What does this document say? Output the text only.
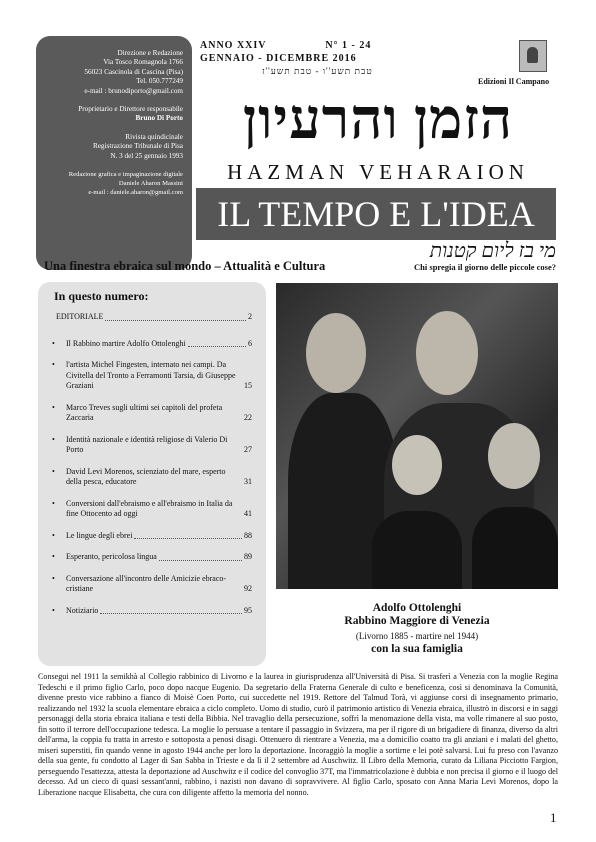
Direzione e Redazione
Via Tosco Romagnola 1766
56023 Cascinola di Cascina (Pisa)
Tel. 050.777249
e-mail : brunodiporto@gmail.com
Proprietario e Direttore responsabile
Bruno Di Porto
Rivista quindicinale
Registrazione Tribunale di Pisa
N. 3 del 25 gennaio 1993
Redazione grafica e impaginazione digitale
Daniele Aharon Massini
e-mail : daniele.aharon@gmail.com
ANNO XXIV	N° 1 - 24
GENNAIO - DICEMBRE 2016
טבת תשע''ו - טבת תשע''ז
Edizioni Il Campano
הזמן והרעיון
HAZMAN VEHARAION
IL TEMPO E L'IDEA
מי בז ליום קטנות
Chi spregia il giorno delle piccole cose?
Una finestra ebraica sul mondo – Attualità e Cultura
In questo numero:
EDITORIALE	2
• Il Rabbino martire Adolfo Ottolenghi	6
• l'artista Michel Fingesten, internato nei campi. Da Civitella del Tronto a Ferramonti Tarsia, di Giuseppe Graziani	15
• Marco Treves sugli ultimi sei capitoli del profeta Zaccaria	22
• Identità nazionale e identità religiose di Valerio Di Porto	27
• David Levi Morenos, scienziato del mare, esperto della pesca, educatore	31
• Conversioni dall'ebraismo e all'ebraismo in Italia da fine Ottocento ad oggi	41
• Le lingue degli ebrei	88
• Esperanto, pericolosa lingua	89
• Conversazione all'incontro delle Amicizie ebraco-cristiane	92
• Notiziario	95	Adolfo Ottolenghi
Rabbino Maggiore di Venezia
(Livorno 1885 - martire nel 1944)
con la sua famiglia
Consegui nel 1911 la semikhà al Collegio rabbinico di Livorno e la laurea in giurisprudenza all'Università di Pisa. Si trasferì a Venezia con la moglie Regina Tedeschi e il primo figlio Carlo, poco dopo nacque Eugenio. Da segretario della Fraterna Generale di culto e beneficenza, così si denominava la Comunità, divenne presto vice rabbino a fianco di Moisè Coen Porto, cui succedette nel 1919. Rettore del Talmud Torà, vi aggiunse corsi di insegnamento primario, realizzando nel 1932 la scuola elementare ebraica a ciclo completo. Uomo di studio, curò il patrimonio artistico di Venezia ebraica, illustrò in discorsi e in saggi personaggi della storia ebraica italiana e testi della Bibbia. Nel travaglio della persecuzione, soffrì la menomazione della vista, ma volle rimanere al suo posto, fin sotto il terrore dell'occupazione tedesca. La moglie lo persuase a tentare il passaggio in Svizzera, ma per il rigore di un brigadiere di finanza, diverso da altri dell'arma, la coppia fu tratta in arresto e sottoposta a penosi disagi. Ottenuero di rientrare a Venezia, ma a domicilio coatto tra gli anziani e i malati del ghetto, miseri superstiti, fin quando venne in agosto 1944 anche per loro la deportazione. Incoraggiò la moglie a sortirne e lei potè salvarsi. Lui fu preso con l'avanzo della sua gente, fu condotto al Lager di San Sabba in Trieste e da lì il 2 settembre ad Auschwitz. Il Libro della Memoria, curato da Liliana Picciotto Fargion, perseguendo l'esattezza, attesta la deportazione ad Auschwitz e il codice del convoglio 37T, ma l'immatricolazione è dubbia e non precisa il giorno e il luogo del decesso. Ad un cieco di quasi sessant'anni, rabbino, i nazisti non davano di sopravvivere. Al figlio Carlo, sposato con Anna Maria Levi Morenos, dopo la Liberazione nacque Elisabetta, che cura con diligente affetto la memoria del nonno.
1
